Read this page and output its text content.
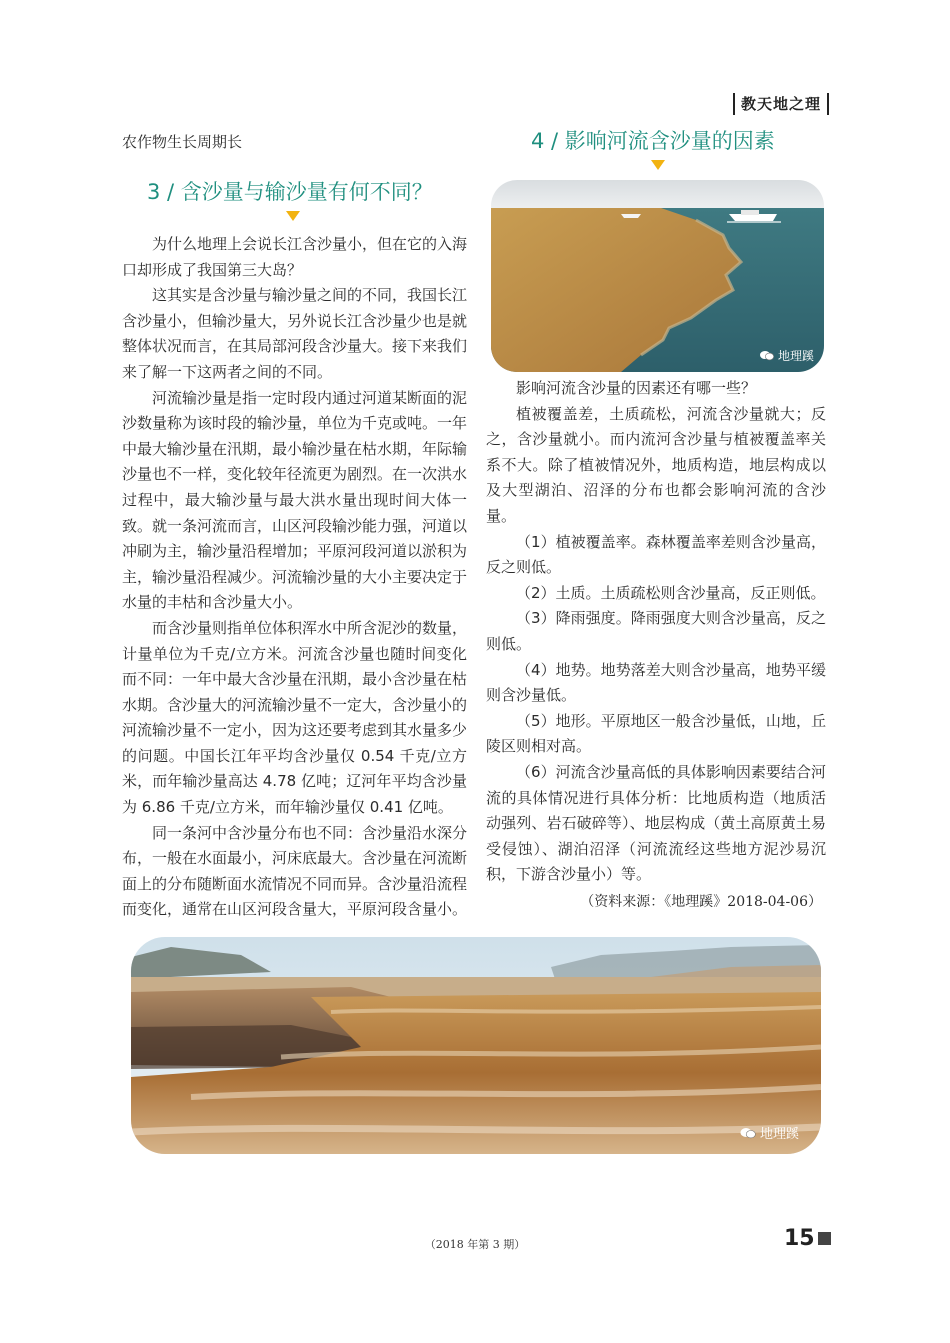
教天地之理
农作物生长周期长
3 / 含沙量与输沙量有何不同？

为什么地理上会说长江含沙量小，但在它的入海口却形成了我国第三大岛？

这其实是含沙量与输沙量之间的不同，我国长江含沙量小，但输沙量大，另外说长江含沙量少也是就整体状况而言，在其局部河段含沙量大。接下来我们来了解一下这两者之间的不同。

河流输沙量是指一定时段内通过河道某断面的泥沙数量称为该时段的输沙量，单位为千克或吨。一年中最大输沙量在汛期，最小输沙量在枯水期，年际输沙量也不一样，变化较年径流更为剧烈。在一次洪水过程中，最大输沙量与最大洪水量出现时间大体一致。就一条河流而言，山区河段输沙能力强，河道以冲刷为主，输沙量沿程增加；平原河段河道以淤积为主，输沙量沿程减少。河流输沙量的大小主要决定于水量的丰枯和含沙量大小。

而含沙量则指单位体积浑水中所含泥沙的数量，计量单位为千克/立方米。河流含沙量也随时间变化而不同：一年中最大含沙量在汛期，最小含沙量在枯水期。含沙量大的河流输沙量不一定大，含沙量小的河流输沙量不一定小，因为这还要考虑到其水量多少的问题。中国长江年平均含沙量仅 0.54 千克/立方米，而年输沙量高达 4.78 亿吨；辽河年平均含沙量为 6.86 千克/立方米，而年输沙量仅 0.41 亿吨。

同一条河中含沙量分布也不同：含沙量沿水深分布，一般在水面最小，河床底最大。含沙量在河流断面上的分布随断面水流情况不同而异。含沙量沿流程而变化，通常在山区河段含量大，平原河段含量小。

4 / 影响河流含沙量的因素
地理蹊

影响河流含沙量的因素还有哪一些？

植被覆盖差，土质疏松，河流含沙量就大；反之，含沙量就小。而内流河含沙量与植被覆盖率关系不大。除了植被情况外，地质构造，地层构成以及大型湖泊、沼泽的分布也都会影响河流的含沙量。

（1）植被覆盖率。森林覆盖率差则含沙量高，反之则低。

（2）土质。土质疏松则含沙量高，反正则低。

（3）降雨强度。降雨强度大则含沙量高，反之则低。

（4）地势。地势落差大则含沙量高，地势平缓则含沙量低。

（5）地形。平原地区一般含沙量低，山地，丘陵区则相对高。

（6）河流含沙量高低的具体影响因素要结合河流的具体情况进行具体分析：比地质构造（地质活动强列、岩石破碎等）、地层构成（黄土高原黄土易受侵蚀）、湖泊沼泽（河流流经这些地方泥沙易沉积，下游含沙量小）等。

（资料来源：《地理蹊》2018-04-06）

地理蹊
（2018 年第 3 期）	15
